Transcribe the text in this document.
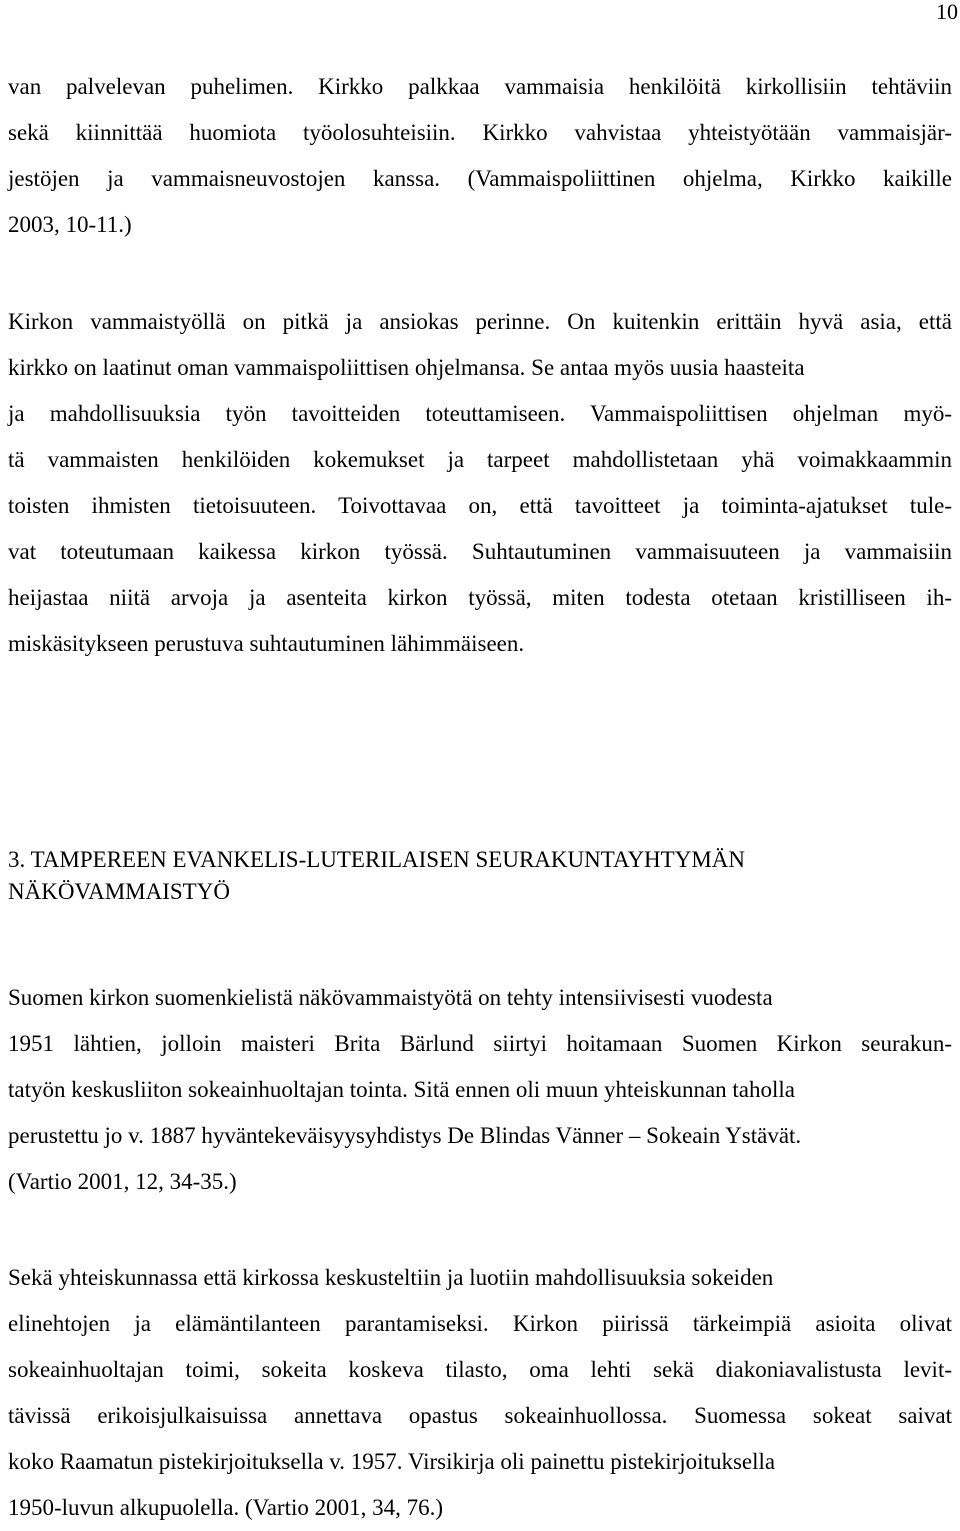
10

van palvelevan puhelimen. Kirkko palkkaa vammaisia henkilöitä kirkollisiin tehtäviin

sekä kiinnittää huomiota työolosuhteisiin. Kirkko vahvistaa yhteistyötään vammaisjär-

jestöjen ja vammaisneuvostojen kanssa. (Vammaispoliittinen ohjelma, Kirkko kaikille

2003, 10-11.)

Kirkon vammaistyöllä on pitkä ja ansiokas perinne. On kuitenkin erittäin hyvä asia, että

kirkko on laatinut oman vammaispoliittisen ohjelmansa. Se antaa myös uusia haasteita

ja mahdollisuuksia työn tavoitteiden toteuttamiseen. Vammaispoliittisen ohjelman myö-

tä vammaisten henkilöiden kokemukset ja tarpeet mahdollistetaan yhä voimakkaammin

toisten ihmisten tietoisuuteen. Toivottavaa on, että tavoitteet ja toiminta-ajatukset tule-

vat toteutumaan kaikessa kirkon työssä. Suhtautuminen vammaisuuteen ja vammaisiin

heijastaa niitä arvoja ja asenteita kirkon työssä, miten todesta otetaan kristilliseen ih-

miskäsitykseen perustuva suhtautuminen lähimmäiseen.

3. TAMPEREEN EVANKELIS-LUTERILAISEN SEURAKUNTAYHTYMÄN

NÄKÖVAMMAISTYÖ

Suomen kirkon suomenkielistä näkövammaistyötä on tehty intensiivisesti vuodesta

1951 lähtien, jolloin maisteri Brita Bärlund siirtyi hoitamaan Suomen Kirkon seurakun-

tatyön keskusliiton sokeainhuoltajan tointa. Sitä ennen oli muun yhteiskunnan taholla

perustettu jo v. 1887 hyväntekeväisyysyhdistys De Blindas Vänner – Sokeain Ystävät.

(Vartio 2001, 12, 34-35.)

Sekä yhteiskunnassa että kirkossa keskusteltiin ja luotiin mahdollisuuksia sokeiden

elinehtojen ja elämäntilanteen parantamiseksi. Kirkon piirissä tärkeimpiä asioita olivat

sokeainhuoltajan toimi, sokeita koskeva tilasto, oma lehti sekä diakoniavalistusta levit-

tävissä erikoisjulkaisuissa annettava opastus sokeainhuollossa. Suomessa sokeat saivat

koko Raamatun pistekirjoituksella v. 1957. Virsikirja oli painettu pistekirjoituksella

1950-luvun alkupuolella. (Vartio 2001, 34, 76.)
